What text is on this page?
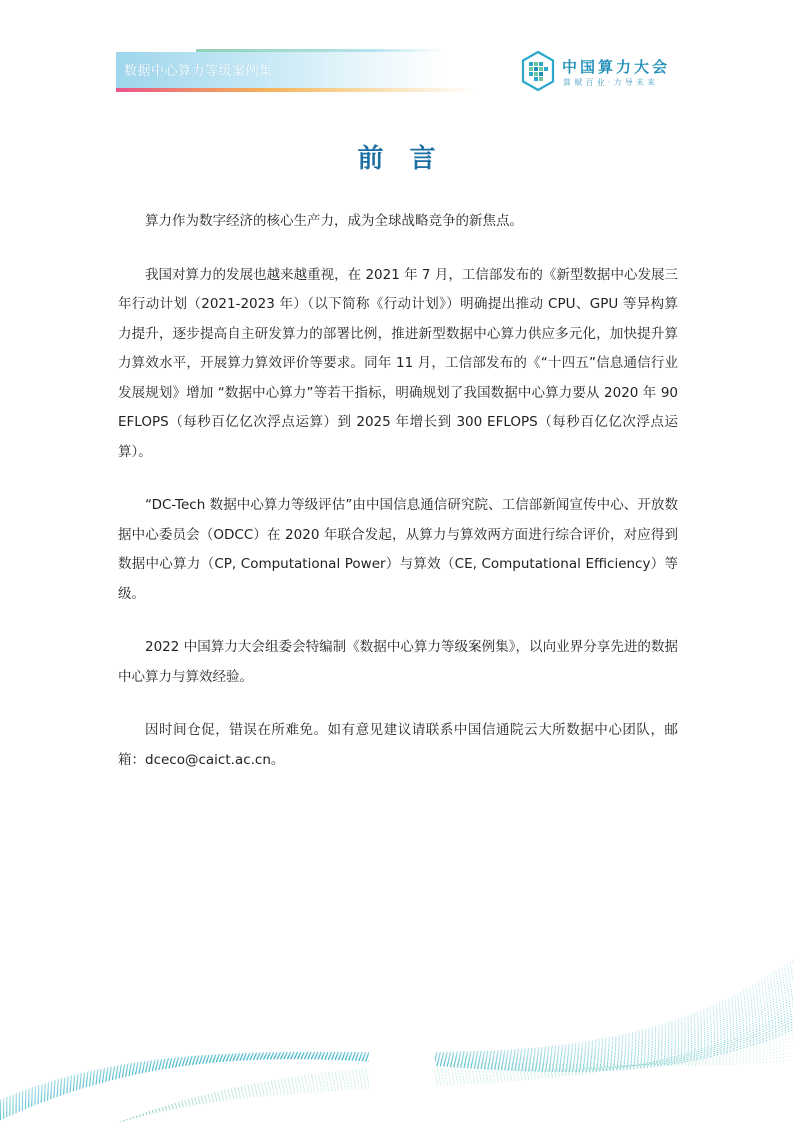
数据中心算力等级案例集	中国算力大会
算赋百业·力导未来
前言

算力作为数字经济的核心生产力，成为全球战略竞争的新焦点。

我国对算力的发展也越来越重视，在 2021 年 7 月，工信部发布的《新型数据中心发展三年行动计划（2021-2023 年）（以下简称《行动计划》）明确提出推动 CPU、GPU 等异构算力提升，逐步提高自主研发算力的部署比例，推进新型数据中心算力供应多元化，加快提升算力算效水平，开展算力算效评价等要求。同年 11 月，工信部发布的《“十四五”信息通信行业发展规划》增加 “数据中心算力”等若干指标，明确规划了我国数据中心算力要从 2020 年 90 EFLOPS（每秒百亿亿次浮点运算）到 2025 年增长到 300 EFLOPS（每秒百亿亿次浮点运算）。

“DC-Tech 数据中心算力等级评估”由中国信息通信研究院、工信部新闻宣传中心、开放数据中心委员会（ODCC）在 2020 年联合发起，从算力与算效两方面进行综合评价，对应得到数据中心算力（CP, Computational Power）与算效（CE, Computational Efficiency）等级。

2022 中国算力大会组委会特编制《数据中心算力等级案例集》，以向业界分享先进的数据中心算力与算效经验。

因时间仓促，错误在所难免。如有意见建议请联系中国信通院云大所数据中心团队，邮箱：dceco@caict.ac.cn。
